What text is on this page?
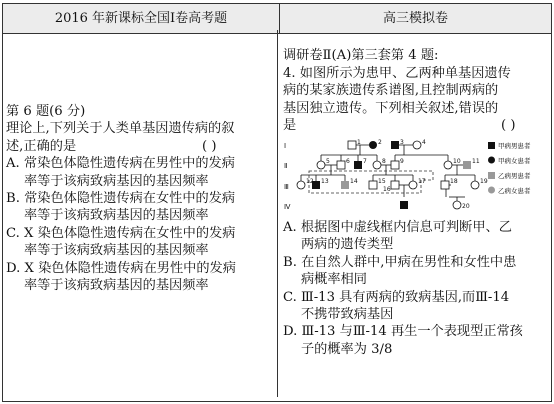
2016 年新课标全国Ⅰ卷高考题	高三模拟卷
第 6 题(6 分)
理论上,下列关于人类单基因遗传病的叙
述,正确的是	( )
A. 常染色体隐性遗传病在男性中的发病
率等于该病致病基因的基因频率
B. 常染色体隐性遗传病在女性中的发病
率等于该病致病基因的基因频率
C. X 染色体隐性遗传病在女性中的发病
率等于该病致病基因的基因频率
D. X 染色体隐性遗传病在男性中的发病
率等于该病致病基因的基因频率
调研卷Ⅱ(A)第三套第 4 题:
4. 如图所示为患甲、乙两种单基因遗传
病的某家族遗传系谱图,且控制两病的
基因独立遗传。下列相关叙述,错误的
是	( )
Ⅰ
Ⅱ
Ⅲ
Ⅳ
1	2	3	4
5	6 7	8 9	10 11
12 13	14	15
16
17	18	19
20
甲病男患者
甲病女患者
乙病男患者
乙病女患者
A. 根据图中虚线框内信息可判断甲、乙
两病的遗传类型
B. 在自然人群中,甲病在男性和女性中患
病概率相同
C. Ⅲ-13 具有两病的致病基因,而Ⅲ-14
不携带致病基因
D. Ⅲ-13 与Ⅲ-14 再生一个表现型正常孩
子的概率为 3/8
